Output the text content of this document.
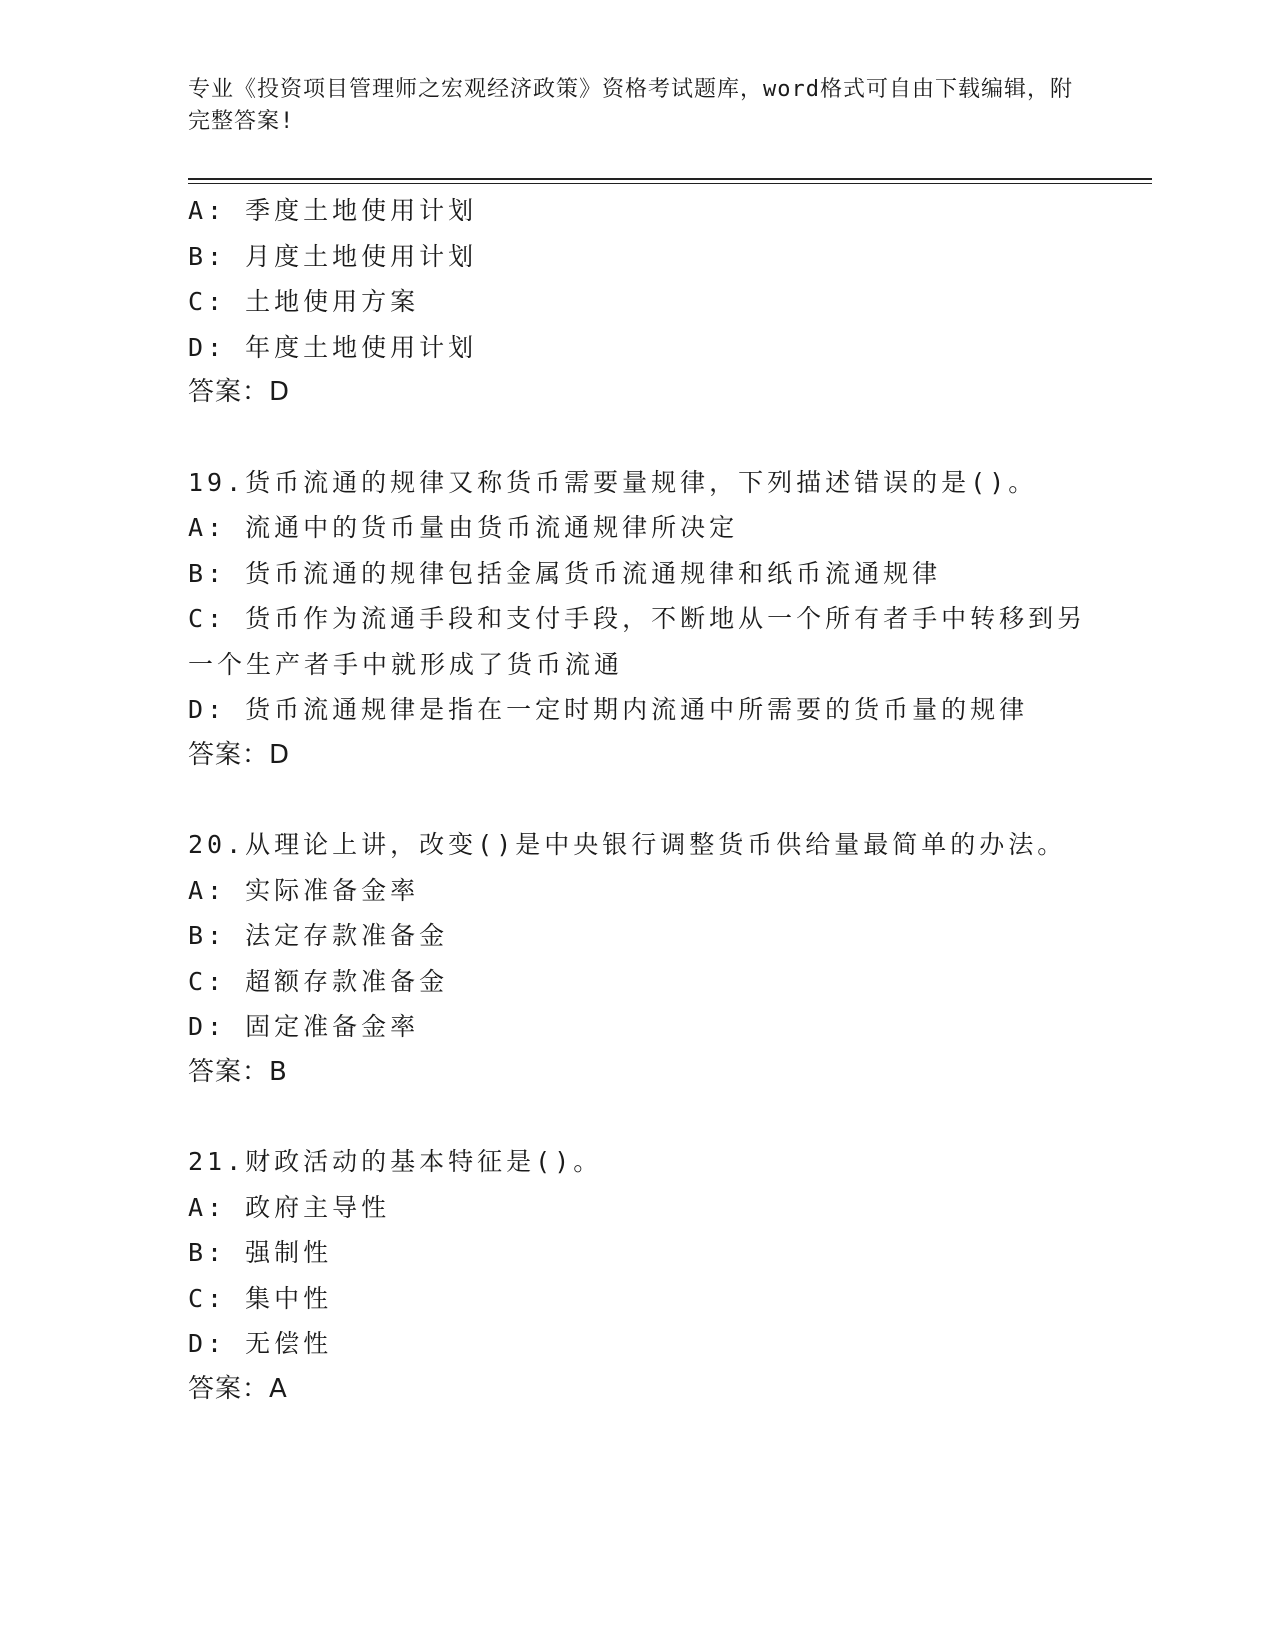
专业《投资项目管理师之宏观经济政策》资格考试题库，word格式可自由下载编辑，附完整答案!
A: 季度土地使用计划
B: 月度土地使用计划
C: 土地使用方案
D: 年度土地使用计划
答案：D
19.货币流通的规律又称货币需要量规律，下列描述错误的是()。
A: 流通中的货币量由货币流通规律所决定
B: 货币流通的规律包括金属货币流通规律和纸币流通规律
C: 货币作为流通手段和支付手段，不断地从一个所有者手中转移到另
一个生产者手中就形成了货币流通
D: 货币流通规律是指在一定时期内流通中所需要的货币量的规律
答案：D
20.从理论上讲，改变()是中央银行调整货币供给量最简单的办法。
A: 实际准备金率
B: 法定存款准备金
C: 超额存款准备金
D: 固定准备金率
答案：B
21.财政活动的基本特征是()。
A: 政府主导性
B: 强制性
C: 集中性
D: 无偿性
答案：A
